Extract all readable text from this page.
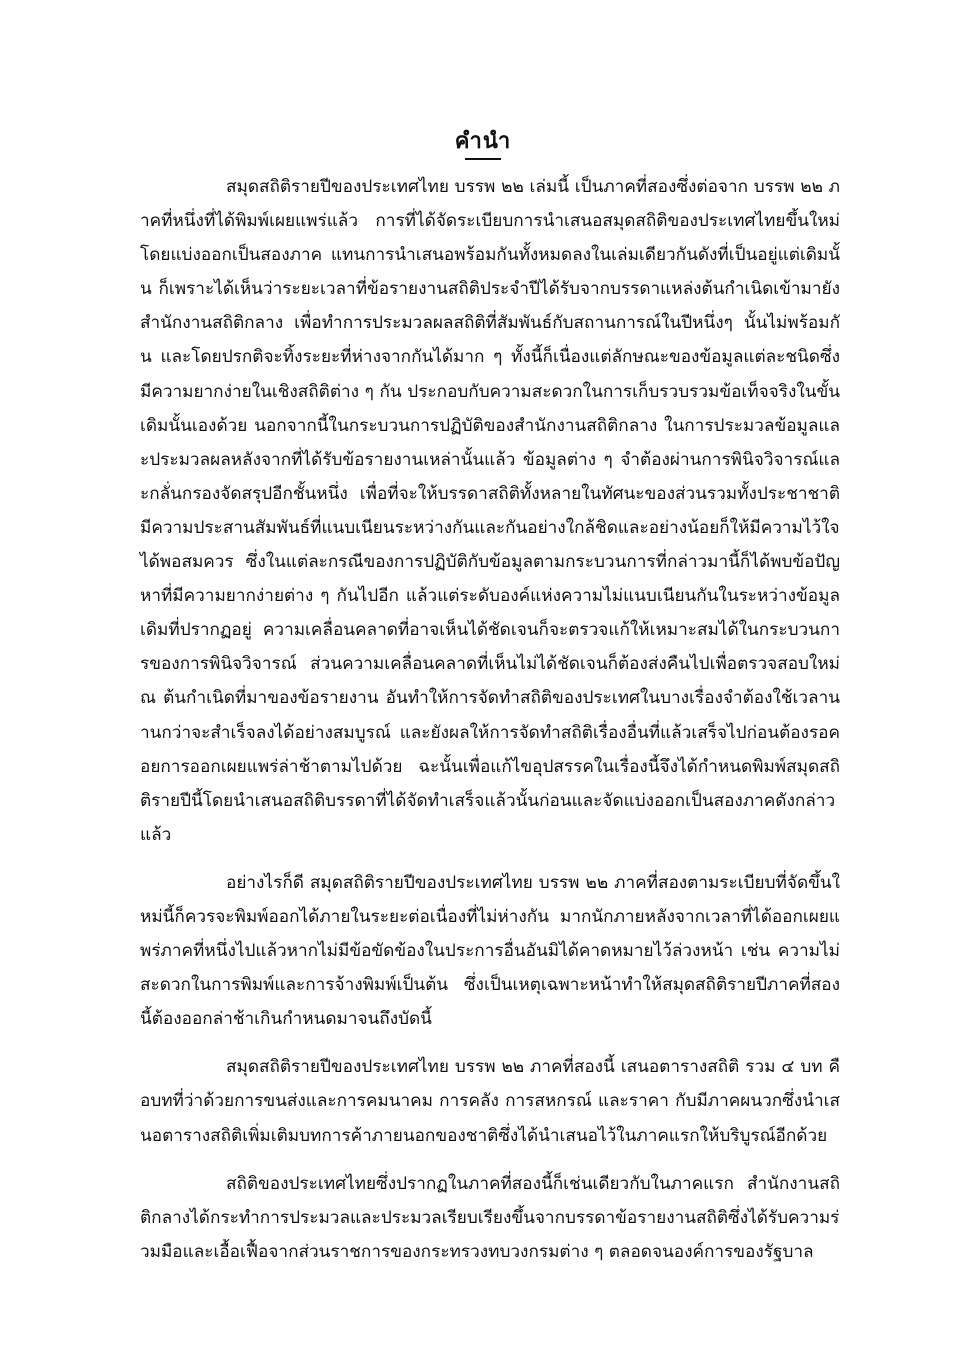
คำนำ

สมุดสถิติรายปีของประเทศไทย บรรพ ๒๒ เล่มนี้ เป็นภาคที่สองซึ่งต่อจาก บรรพ ๒๒ ภาคที่หนึ่งที่ได้พิมพ์เผยแพร่แล้ว การที่ได้จัดระเบียบการนำเสนอสมุดสถิติของประเทศไทยขึ้นใหม่ โดยแบ่งออกเป็นสองภาค แทนการนำเสนอพร้อมกันทั้งหมดลงในเล่มเดียวกันดังที่เป็นอยู่แต่เดิมนั้น ก็เพราะได้เห็นว่าระยะเวลาที่ข้อรายงานสถิติประจำปีได้รับจากบรรดาแหล่งต้นกำเนิดเข้ามายังสำนักงานสถิติกลาง เพื่อทำการประมวลผลสถิติที่สัมพันธ์กับสถานการณ์ในปีหนึ่งๆ นั้นไม่พร้อมกัน และโดยปรกติจะทิ้งระยะที่ห่างจากกันได้มาก ๆ ทั้งนี้ก็เนื่องแต่ลักษณะของข้อมูลแต่ละชนิดซึ่งมีความยากง่ายในเชิงสถิติต่าง ๆ กัน ประกอบกับความสะดวกในการเก็บรวบรวมข้อเท็จจริงในขั้นเดิมนั้นเองด้วย นอกจากนี้ในกระบวนการปฏิบัติของสำนักงานสถิติกลาง ในการประมวลข้อมูลและประมวลผลหลังจากที่ได้รับข้อรายงานเหล่านั้นแล้ว ข้อมูลต่าง ๆ จำต้องผ่านการพินิจวิจารณ์และกลั่นกรองจัดสรุปอีกชั้นหนึ่ง เพื่อที่จะให้บรรดาสถิติทั้งหลายในทัศนะของส่วนรวมทั้งประชาชาติมีความประสานสัมพันธ์ที่แนบเนียนระหว่างกันและกันอย่างใกล้ชิดและอย่างน้อยก็ให้มีความไว้ใจได้พอสมควร ซึ่งในแต่ละกรณีของการปฏิบัติกับข้อมูลตามกระบวนการที่กล่าวมานี้ก็ได้พบข้อปัญหาที่มีความยากง่ายต่าง ๆ กันไปอีก แล้วแต่ระดับองค์แห่งความไม่แนบเนียนกันในระหว่างข้อมูลเดิมที่ปรากฏอยู่ ความเคลื่อนคลาดที่อาจเห็นได้ชัดเจนก็จะตรวจแก้ให้เหมาะสมได้ในกระบวนการของการพินิจวิจารณ์ ส่วนความเคลื่อนคลาดที่เห็นไม่ได้ชัดเจนก็ต้องส่งคืนไปเพื่อตรวจสอบใหม่ ณ ต้นกำเนิดที่มาของข้อรายงาน อันทำให้การจัดทำสถิติของประเทศในบางเรื่องจำต้องใช้เวลานานกว่าจะสำเร็จลงได้อย่างสมบูรณ์ และยังผลให้การจัดทำสถิติเรื่องอื่นที่แล้วเสร็จไปก่อนต้องรอคอยการออกเผยแพร่ล่าช้าตามไปด้วย ฉะนั้นเพื่อแก้ไขอุปสรรคในเรื่องนี้จึงได้กำหนดพิมพ์สมุดสถิติรายปีนี้โดยนำเสนอสถิติบรรดาที่ได้จัดทำเสร็จแล้วนั้นก่อนและจัดแบ่งออกเป็นสองภาคดังกล่าวแล้ว

อย่างไรก็ดี สมุดสถิติรายปีของประเทศไทย บรรพ ๒๒ ภาคที่สองตามระเบียบที่จัดขึ้นใหม่นี้ก็ควรจะพิมพ์ออกได้ภายในระยะต่อเนื่องที่ไม่ห่างกัน มากนักภายหลังจากเวลาที่ได้ออกเผยแพร่ภาคที่หนึ่งไปแล้วหากไม่มีข้อขัดข้องในประการอื่นอันมิได้คาดหมายไว้ล่วงหน้า เช่น ความไม่สะดวกในการพิมพ์และการจ้างพิมพ์เป็นต้น ซึ่งเป็นเหตุเฉพาะหน้าทำให้สมุดสถิติรายปีภาคที่สองนี้ต้องออกล่าช้าเกินกำหนดมาจนถึงบัดนี้

สมุดสถิติรายปีของประเทศไทย บรรพ ๒๒ ภาคที่สองนี้ เสนอตารางสถิติ รวม ๔ บท คือบทที่ว่าด้วยการขนส่งและการคมนาคม การคลัง การสหกรณ์ และราคา กับมีภาคผนวกซึ่งนำเสนอตารางสถิติเพิ่มเติมบทการค้าภายนอกของชาติซึ่งได้นำเสนอไว้ในภาคแรกให้บริบูรณ์อีกด้วย

สถิติของประเทศไทยซึ่งปรากฏในภาคที่สองนี้ก็เช่นเดียวกับในภาคแรก สำนักงานสถิติกลางได้กระทำการประมวลและประมวลเรียบเรียงขึ้นจากบรรดาข้อรายงานสถิติซึ่งได้รับความร่วมมือและเอื้อเฟื้อจากส่วนราชการของกระทรวงทบวงกรมต่าง ๆ ตลอดจนองค์การของรัฐบาล
